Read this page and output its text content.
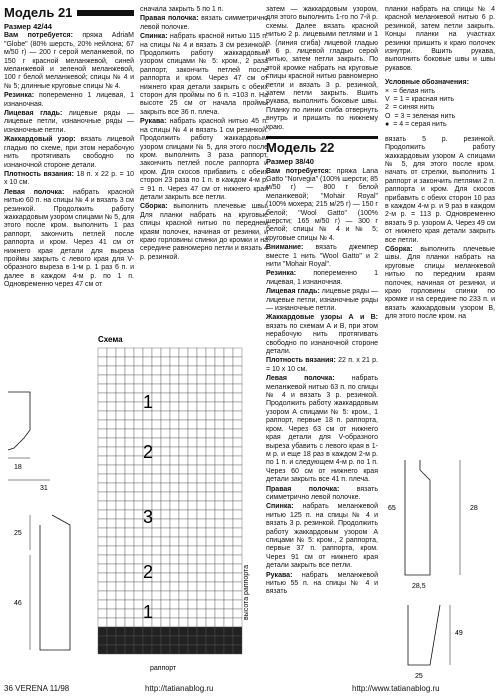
Модель 21
Размер 42/44

Вам потребуется: пряжа AdriaM "Globe" (80% шерсть, 20% нейлона; 67 м/50 г) — 200 г серой меланжевой, по 150 г красной меланжевой, синей меланжевой и зеленой меланжевой, 100 г белой меланжевой; спицы № 4 и № 5; длинные круговые спицы № 4.

Резинка: попеременно 1 лицевая, 1 изнаночная.

Лицевая гладь: лицевые ряды — лицевые петли, изнаночные ряды — изнаночные петли.

Жаккардовый узор: вязать лицевой гладью по схеме, при этом нерабочую нить протягивать свободно по изнаночной стороне детали.

Плотность вязания: 18 п. х 22 р. = 10 х 10 см.

Левая полочка: набрать красной нитью 60 п. на спицы № 4 и вязать 3 см резинкой. Продолжить работу жаккардовым узором спицами № 5, для этого после кром. выполнить 1 раз раппорт, закончить петлей после раппорта и кром. Через 41 см от нижнего края детали для выреза проймы закрыть с левого края для V-образного выреза в 1-м р. 1 раз 6 п. и далее в каждом 4-м р. по 1 п. Одновременно через 47 см от

сначала закрыть 5 по 1 п.

Правая полочка: вязать симметрично левой полочке.

Спинка: набрать красной нитью 115 п. на спицы № 4 и вязать 3 см резинкой. Продолжить работу жаккардовым узором спицами № 5: кром., 2 раза раппорт, закончить петлей после раппорта и кром. Через 47 см от нижнего края детали закрыть с обеих сторон для проймы по 6 п. =103 п. На высоте 25 см от начала проймы закрыть все 36 п. плеча.

Рукава: набрать красной нитью 45 п. на спицы № 4 и вязать 1 см резинкой. Продолжить работу жаккардовым узором спицами № 5, для этого после кром. выполнить 3 раза раппорт, закончить петлей после раппорта и кром. Для скосов прибавить с обеих сторон 23 раза по 1 п. в каждом 4-м р. = 91 п. Через 47 см от нижнего края детали закрыть все петли.

Сборка: выполнить плечевые швы. Для планки набрать на круговые спицы красной нитью по переднем краям полочек, начиная от резинки, и краю горловины спинки до кромки и на середине равномерно петли и вязать 4 р. резинкой.

затем — жаккардовым узором, для этого выполнить 1-го по 7-й р. схемы. Далее вязать красной нитью 2 р. лицевыми петлями и 1 р. (линия сгиба) лицевой гладью и 6 р. лицевой гладью серой нитью, затем петли закрыть. По этой кромке набрать на круговые спицы красной нитью равномерно петли и вязать 3 р. резинкой, затем петли закрыть. Вшить рукава, выполнить боковые швы. Планку по линии сгиба отвернуть внутрь и пришить по нижнему краю.

Модель 22
Размер 38/40

Вам потребуется: пряжа Lana Gatto "Norvegia" (100% шерсти; 85 м/50 г) — 800 г белой меланжевой; "Mohair Royal" (100% мохера; 215 м/25 г) — 150 г белой; "Wool Gatto" (100% шерсти; 165 м/50 г) — 300 г белой; спицы № 4 и № 5; круговые спицы № 4.

Внимание: вязать джемпер вместе 1 нить "Wool Gatto" и 2 нити "Mohair Royal".

Резинка: попеременно 1 лицевая, 1 изнаночная.

Лицевая гладь: лицевые ряды — лицевые петли, изнаночные ряды — изнаночные петли.

Жаккардовые узоры А и В: вязать по схемам А и В, при этом нерабочую нить протягивать свободно по изнаночной стороне детали.

Плотность вязания: 22 п. х 21 р. = 10 х 10 см.

Левая полочка: набрать меланжевой нитью 63 п. по спицы № 4 и вязать 3 р. резинкой. Продолжить работу жаккардовым узором А спицами № 5: кром., 1 раппорт, первые 18 п. раппорта, кром. Через 63 см от нижнего края детали для V-образного выреза убавить с левого края в 1-м р. и еще 18 раз в каждом 2-м р. по 1 п. и следующем 4-м р. по 1 п. Через 60 см от нижнего края детали закрыть все 41 п. плеча.

Правая полочка: вязать симметрично левой полочке.

Спинка: набрать меланжевой нитью 125 п. на спицы № 4 и вязать 3 р. резинкой. Продолжить работу жаккардовым узором А спицами № 5: кром., 2 раппорта, первые 37 п. раппорта, кром. Через 91 см от нижнего края детали закрыть все петли.

Рукава: набрать меланжевой нитью 55 п. на спицы № 4 и вязать

планки набрать на спицы № 4 красной меланжевой нитью 6 р. резинкой, затем петли закрыть. Концы планки на участках резинки пришить к краю полочек изнутри. Вшить рукава, выполнить боковые швы и швы рукавов.

Условные обозначения:
× = белая нить
V = 1 = красная нить
2 = синяя нить
O = 3 = зеленая нить
● = 4 = серая нить

вязать 5 р. резинкой. Продолжить работу жаккардовым узором А спицами № 5, для этого после кром. начать от стрелки, выполнить 1 раппорт и закончить петлями 2 п. раппорта и кром. Для скосов прибавить с обеих сторон 10 раз в каждом 4-м р. и 9 раз в каждом 2-м р. = 113 р. Одновременно вязать 9 р. узором А. Через 49 см от нижнего края детали закрыть все петли.

Сборка: выполнить плечевые швы. Для планки набрать на круговые спицы меланжевой нитью по передним краям полочек, начиная от резинки, и краю горловины спинки по кромке и на середине по 233 п. и вязать жаккардовым узором В, для этого после кром. на

Схема
18
31
25
46
1
2
3
2
1
раппорт
высота раппорта
65	28
28,5
49
25
36 VERENA 11/98	http://tatianablog.ru	http://www.tatianablog.ru
